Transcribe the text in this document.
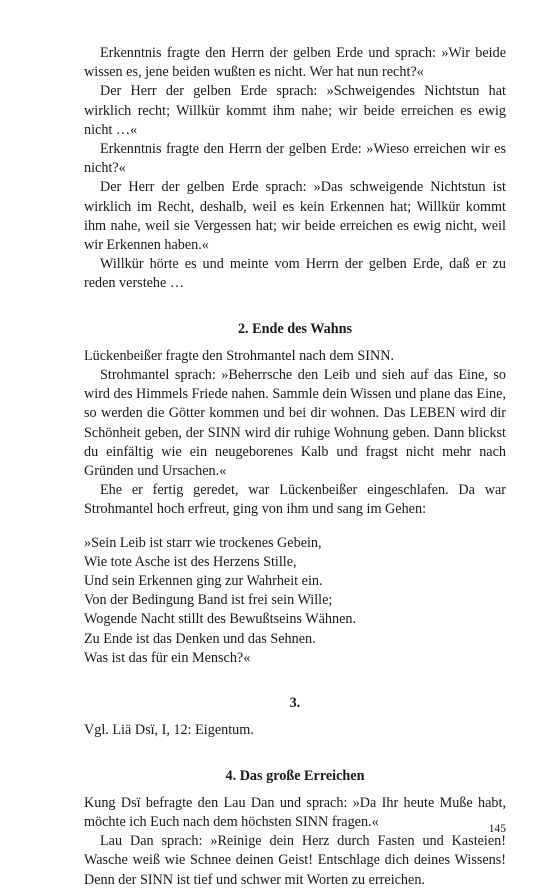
Erkenntnis fragte den Herrn der gelben Erde und sprach: »Wir beide wissen es, jene beiden wußten es nicht. Wer hat nun recht?«

Der Herr der gelben Erde sprach: »Schweigendes Nichtstun hat wirklich recht; Willkür kommt ihm nahe; wir beide erreichen es ewig nicht …«

Erkenntnis fragte den Herrn der gelben Erde: »Wieso erreichen wir es nicht?«

Der Herr der gelben Erde sprach: »Das schweigende Nichtstun ist wirklich im Recht, deshalb, weil es kein Erkennen hat; Willkür kommt ihm nahe, weil sie Vergessen hat; wir beide erreichen es ewig nicht, weil wir Erkennen haben.«

Willkür hörte es und meinte vom Herrn der gelben Erde, daß er zu reden verstehe …

2. Ende des Wahns

Lückenbeißer fragte den Strohmantel nach dem SINN.

Strohmantel sprach: »Beherrsche den Leib und sieh auf das Eine, so wird des Himmels Friede nahen. Sammle dein Wissen und plane das Eine, so werden die Götter kommen und bei dir wohnen. Das LEBEN wird dir Schönheit geben, der SINN wird dir ruhige Wohnung geben. Dann blickst du einfältig wie ein neugeborenes Kalb und fragst nicht mehr nach Gründen und Ursachen.«

Ehe er fertig geredet, war Lückenbeißer eingeschlafen. Da war Strohmantel hoch erfreut, ging von ihm und sang im Gehen:

»Sein Leib ist starr wie trockenes Gebein,

Wie tote Asche ist des Herzens Stille,

Und sein Erkennen ging zur Wahrheit ein.

Von der Bedingung Band ist frei sein Wille;

Wogende Nacht stillt des Bewußtseins Wähnen.

Zu Ende ist das Denken und das Sehnen.

Was ist das für ein Mensch?«

3.

Vgl. Liä Dsï, I, 12: Eigentum.

4. Das große Erreichen

Kung Dsï befragte den Lau Dan und sprach: »Da Ihr heute Muße habt, möchte ich Euch nach dem höchsten SINN fragen.«

Lau Dan sprach: »Reinige dein Herz durch Fasten und Kasteien! Wasche weiß wie Schnee deinen Geist! Entschlage dich deines Wissens! Denn der SINN ist tief und schwer mit Worten zu erreichen.

145
